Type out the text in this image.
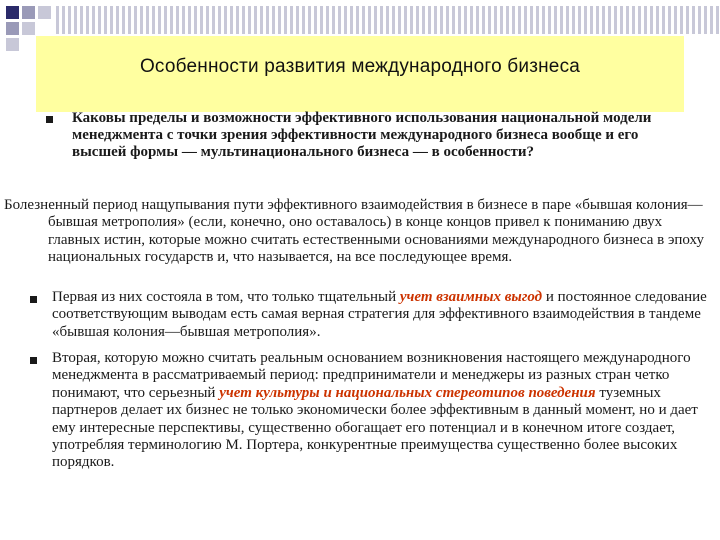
Особенности развития международного бизнеса
Каковы пределы и возможности эффективного использования национальной модели менеджмента с точки зрения эффективности международного бизнеса вообще и его высшей формы — мультинационального бизнеса — в особенности?
Болезненный период нащупывания пути эффективного взаимодействия в бизнесе в паре «бывшая колония—бывшая метрополия» (если, конечно, оно оставалось) в конце концов привел к пониманию двух главных истин, которые можно считать естественными основаниями международного бизнеса в эпоху национальных государств и, что называется, на все последующее время.
Первая из них состояла в том, что только тщательный учет взаимных выгод и постоянное следование соответствующим выводам есть самая верная стратегия для эффективного взаимодействия в тандеме «бывшая колония—бывшая метрополия».
Вторая, которую можно считать реальным основанием возникновения настоящего международного менеджмента в рассматриваемый период: предприниматели и менеджеры из разных стран четко понимают, что серьезный учет культуры и национальных стереотипов поведения туземных партнеров делает их бизнес не только экономически более эффективным в данный момент, но и дает ему интересные перспективы, существенно обогащает его потенциал и в конечном итоге создает, употребляя терминологию М. Портера, конкурентные преимущества существенно более высоких порядков.
